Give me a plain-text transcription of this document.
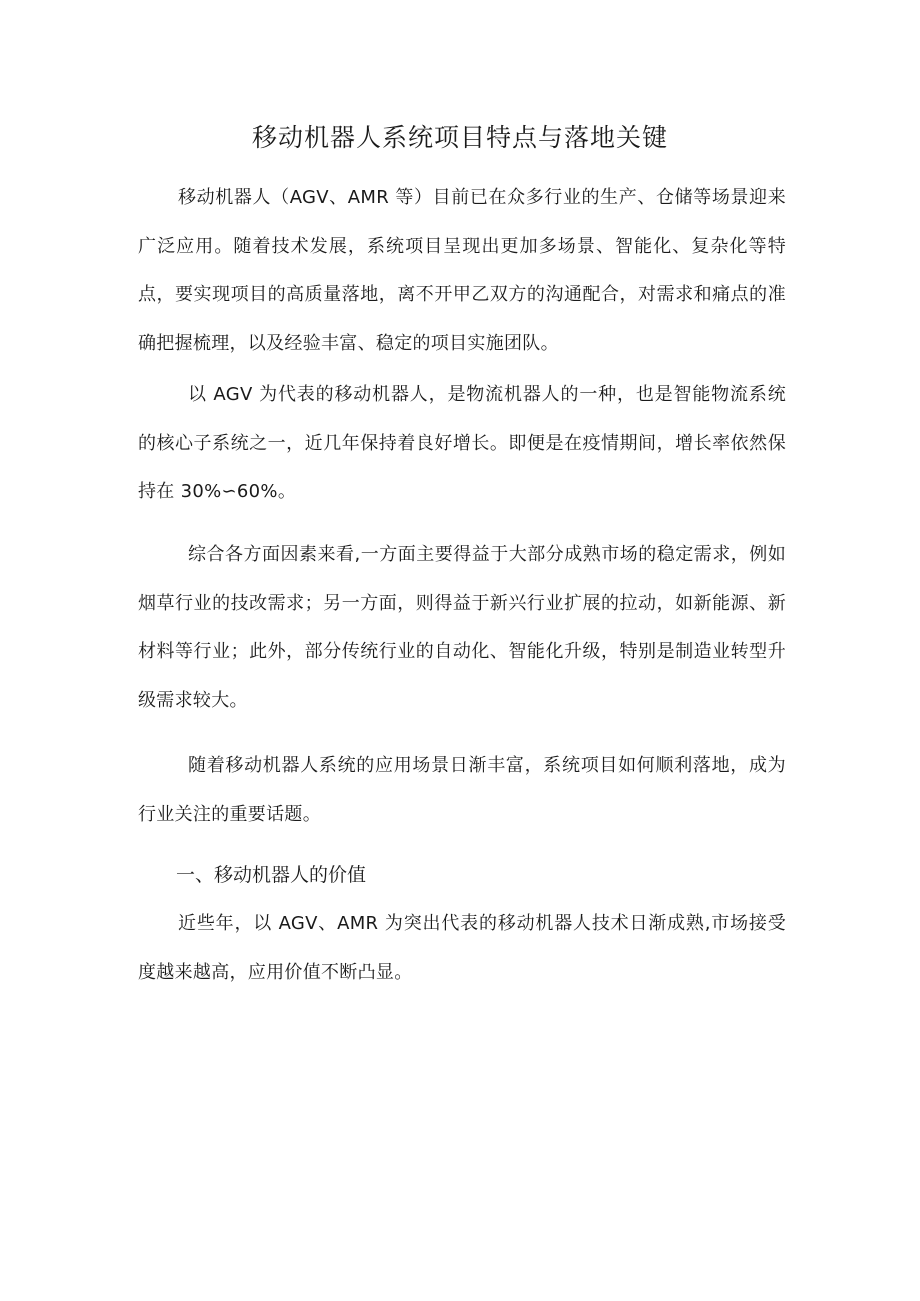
移动机器人系统项目特点与落地关键

移动机器人（AGV、AMR 等）目前已在众多行业的生产、仓储等场景迎来广泛应用。随着技术发展，系统项目呈现出更加多场景、智能化、复杂化等特点，要实现项目的高质量落地，离不开甲乙双方的沟通配合，对需求和痛点的准确把握梳理，以及经验丰富、稳定的项目实施团队。

以 AGV 为代表的移动机器人，是物流机器人的一种，也是智能物流系统的核心子系统之一，近几年保持着良好增长。即便是在疫情期间，增长率依然保持在 30%∽60%。

综合各方面因素来看,一方面主要得益于大部分成熟市场的稳定需求，例如烟草行业的技改需求；另一方面，则得益于新兴行业扩展的拉动，如新能源、新材料等行业；此外，部分传统行业的自动化、智能化升级，特别是制造业转型升级需求较大。

随着移动机器人系统的应用场景日渐丰富，系统项目如何顺利落地，成为行业关注的重要话题。

一、移动机器人的价值

近些年，以 AGV、AMR 为突出代表的移动机器人技术日渐成熟,市场接受度越来越高，应用价值不断凸显。
